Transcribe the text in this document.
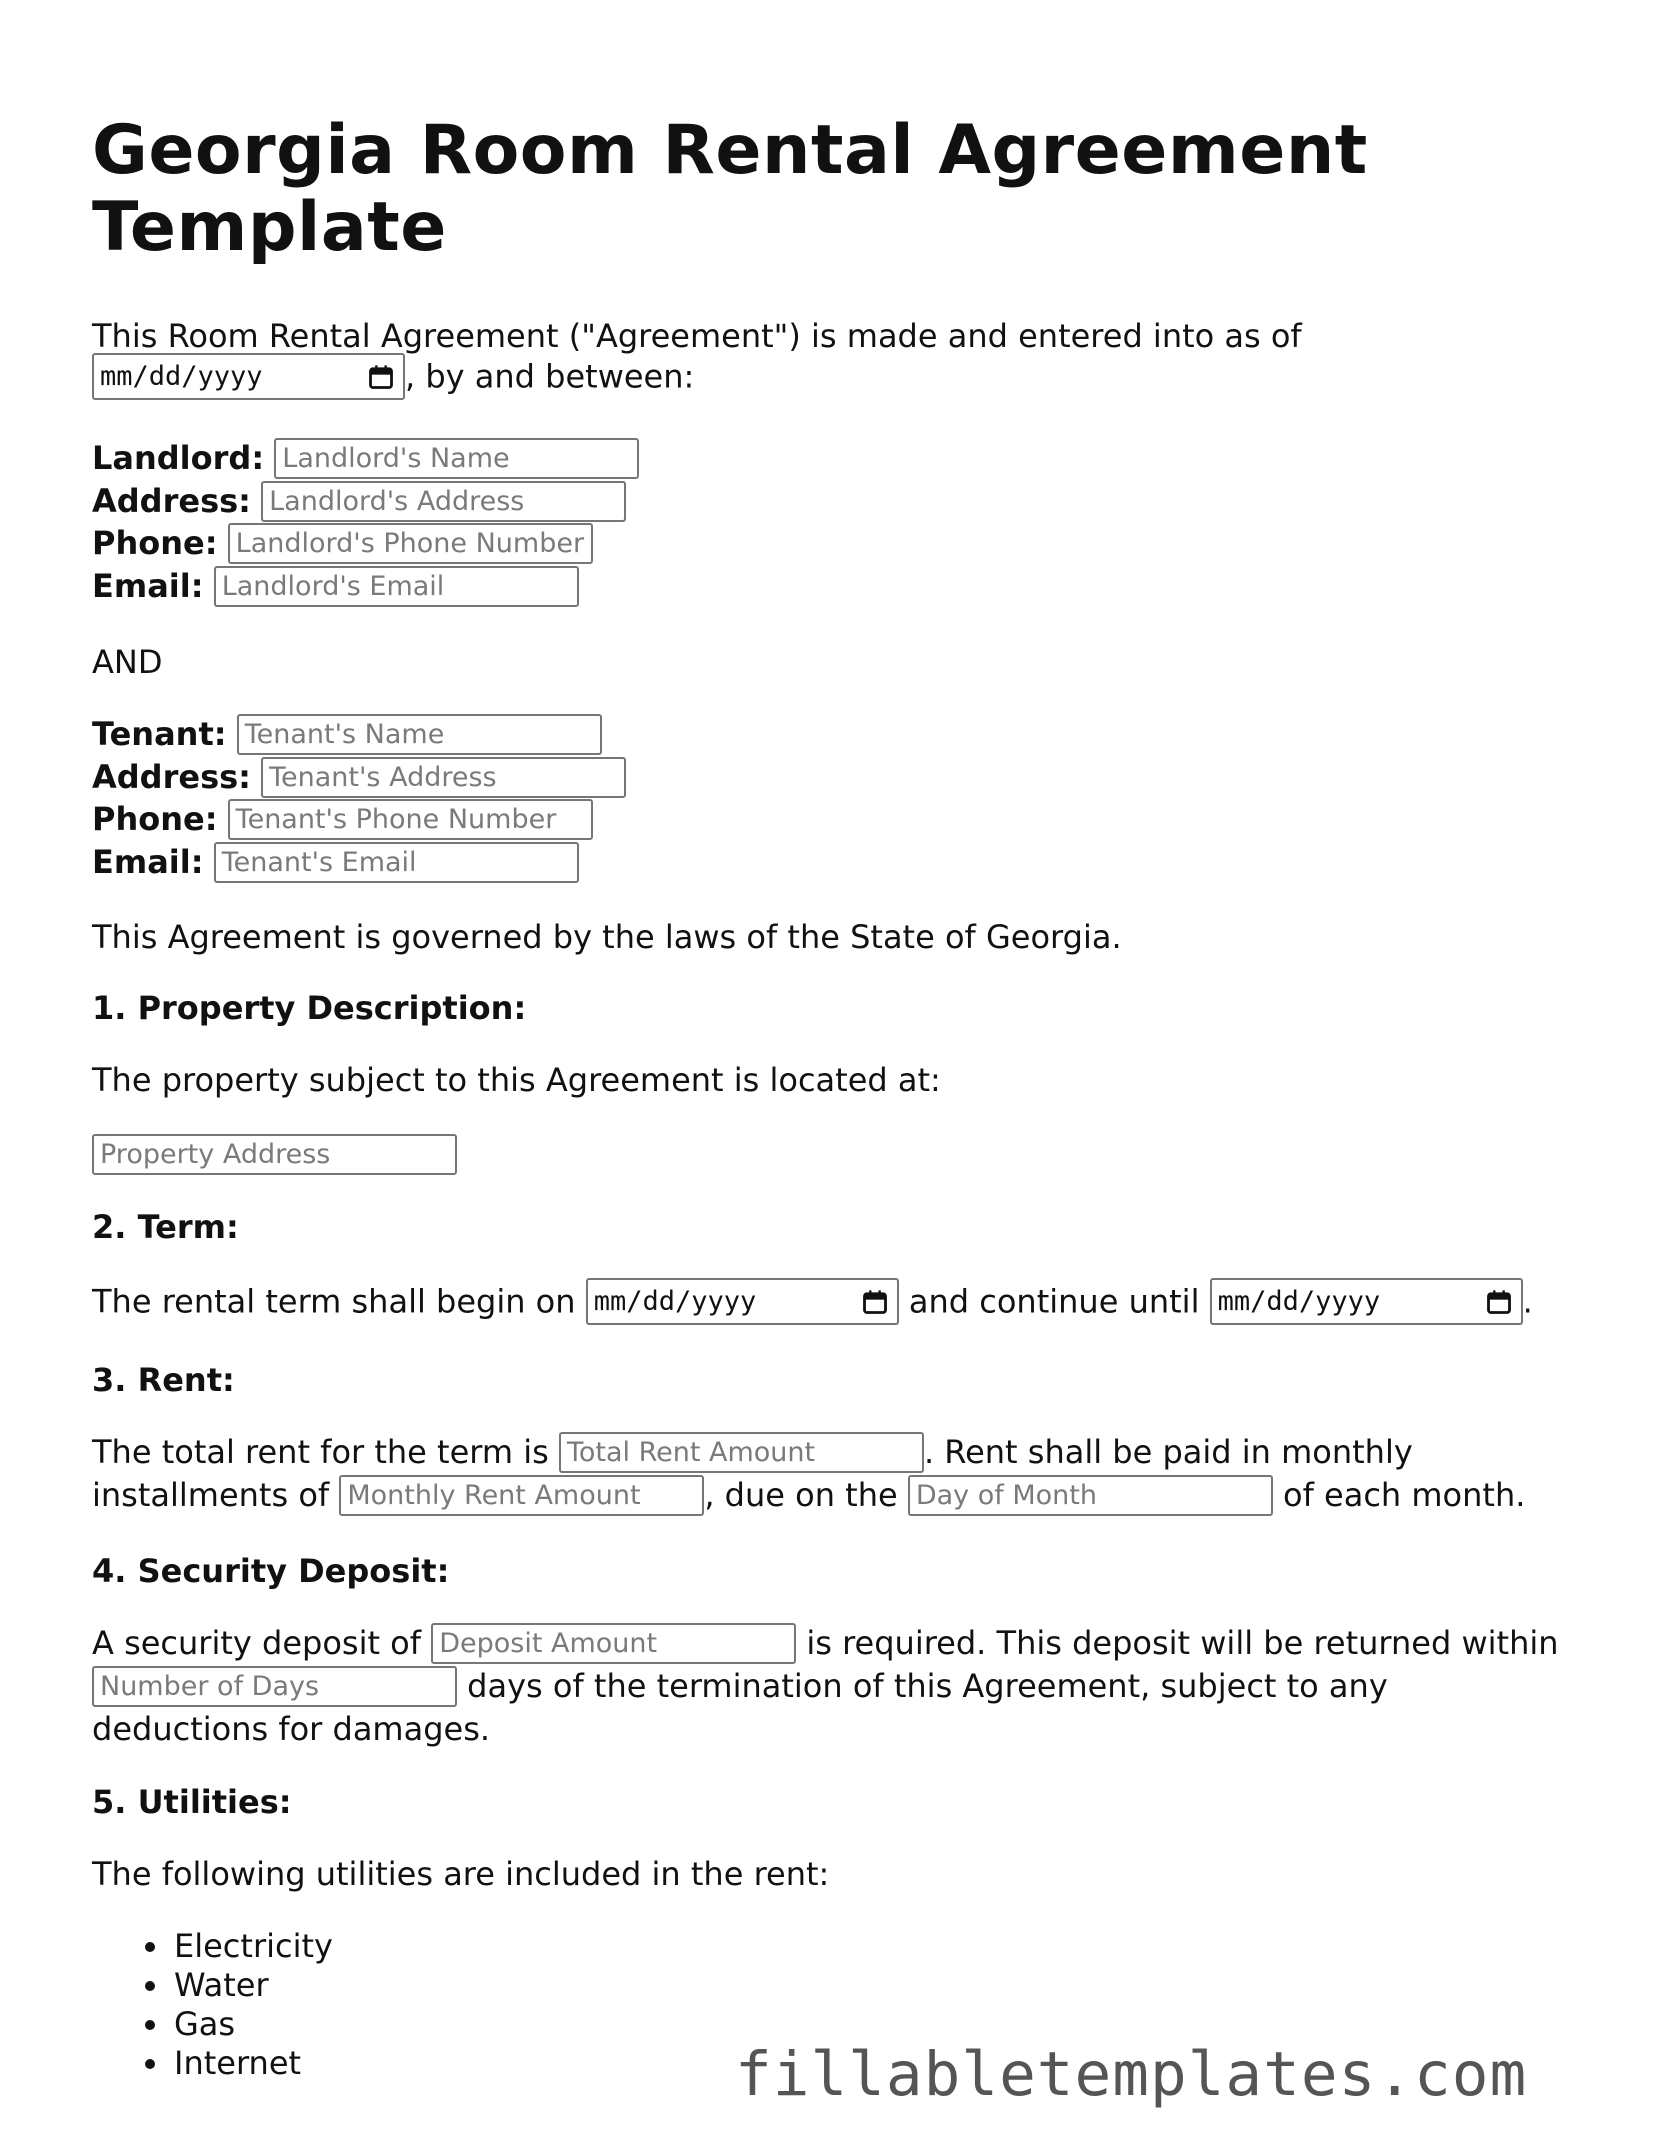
Georgia Room Rental Agreement Template
This Room Rental Agreement ("Agreement") is made and entered into as of
mm/dd/yyyy	, by and between:
Landlord: Landlord's Name
Address: Landlord's Address
Phone: Landlord's Phone Number
Email: Landlord's Email
AND
Tenant: Tenant's Name
Address: Tenant's Address
Phone: Tenant's Phone Number
Email: Tenant's Email
This Agreement is governed by the laws of the State of Georgia.
1. Property Description:
The property subject to this Agreement is located at:
Property Address
2. Term:
The rental term shall begin on mm/dd/yyyy	and continue until mm/dd/yyyy	.
3. Rent:
The total rent for the term is Total Rent Amount	. Rent shall be paid in monthly
installments of Monthly Rent Amount , due on the Day of Month	of each month.
4. Security Deposit:
A security deposit of Deposit Amount	is required. This deposit will be returned within
Number of Days	days of the termination of this Agreement, subject to any
deductions for damages.
5. Utilities:
The following utilities are included in the rent:
• Electricity
• Water
• Gas
• Internet	fillabletemplates.com
